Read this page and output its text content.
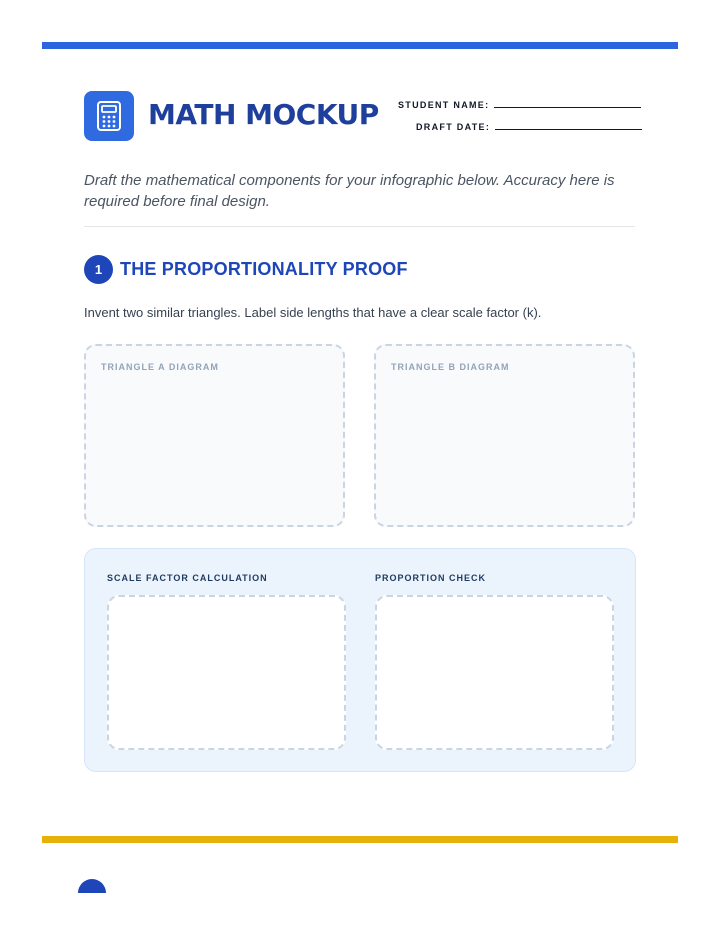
MATH MOCKUP STUDENT NAME:
DRAFT DATE:

Draft the mathematical components for your infographic below. Accuracy here is required before final design.

1 THE PROPORTIONALITY PROOF

Invent two similar triangles. Label side lengths that have a clear scale factor (k).

TRIANGLE A DIAGRAM	TRIANGLE B DIAGRAM
SCALE FACTOR CALCULATION	PROPORTION CHECK
